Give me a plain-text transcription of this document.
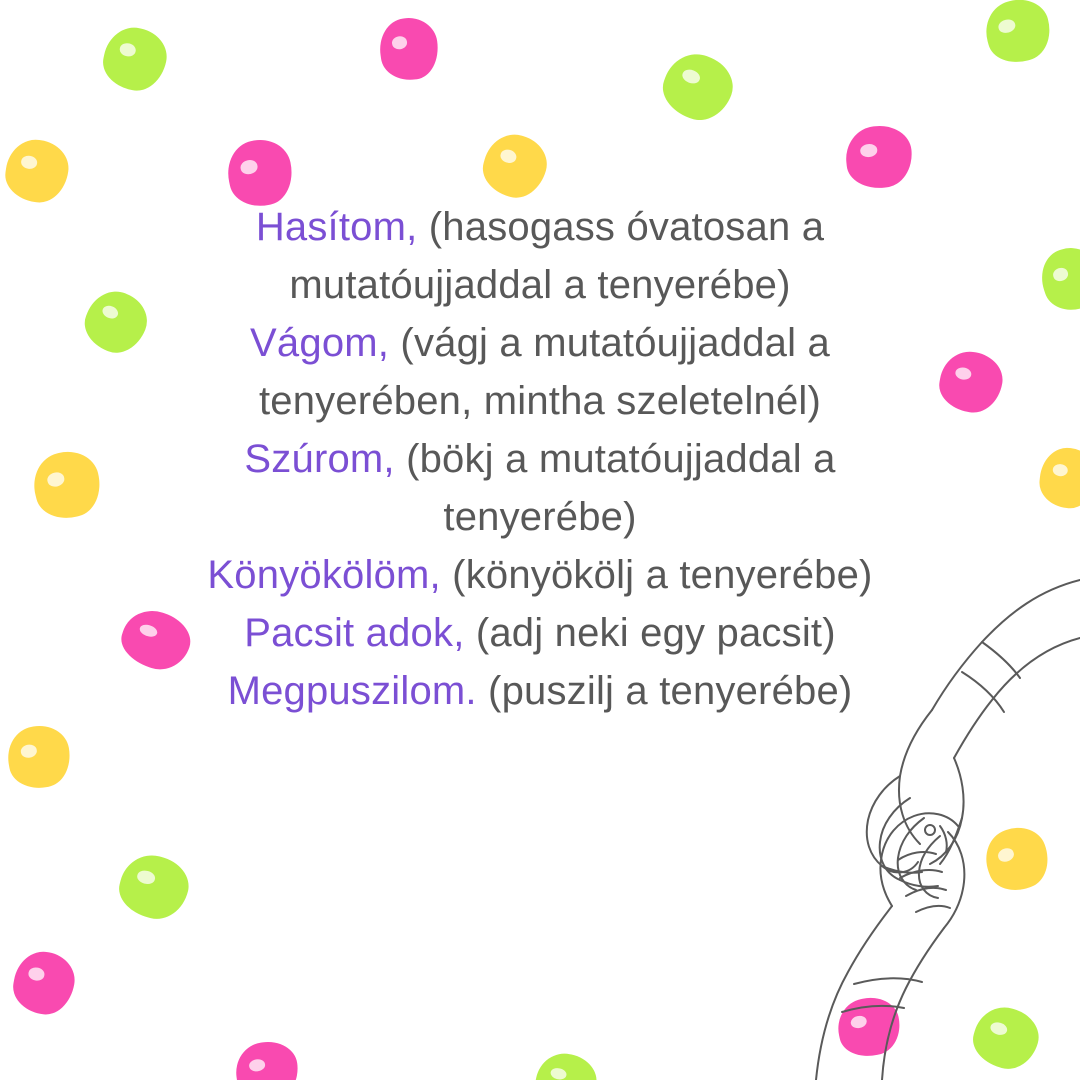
Hasítom, (hasogass óvatosan a
mutatóujjaddal a tenyerébe)
Vágom, (vágj a mutatóujjaddal a
tenyerében, mintha szeletelnél)
Szúrom, (bökj a mutatóujjaddal a
tenyerébe)
Könyökölöm, (könyökölj a tenyerébe)
Pacsit adok, (adj neki egy pacsit)
Megpuszilom. (puszilj a tenyerébe)
